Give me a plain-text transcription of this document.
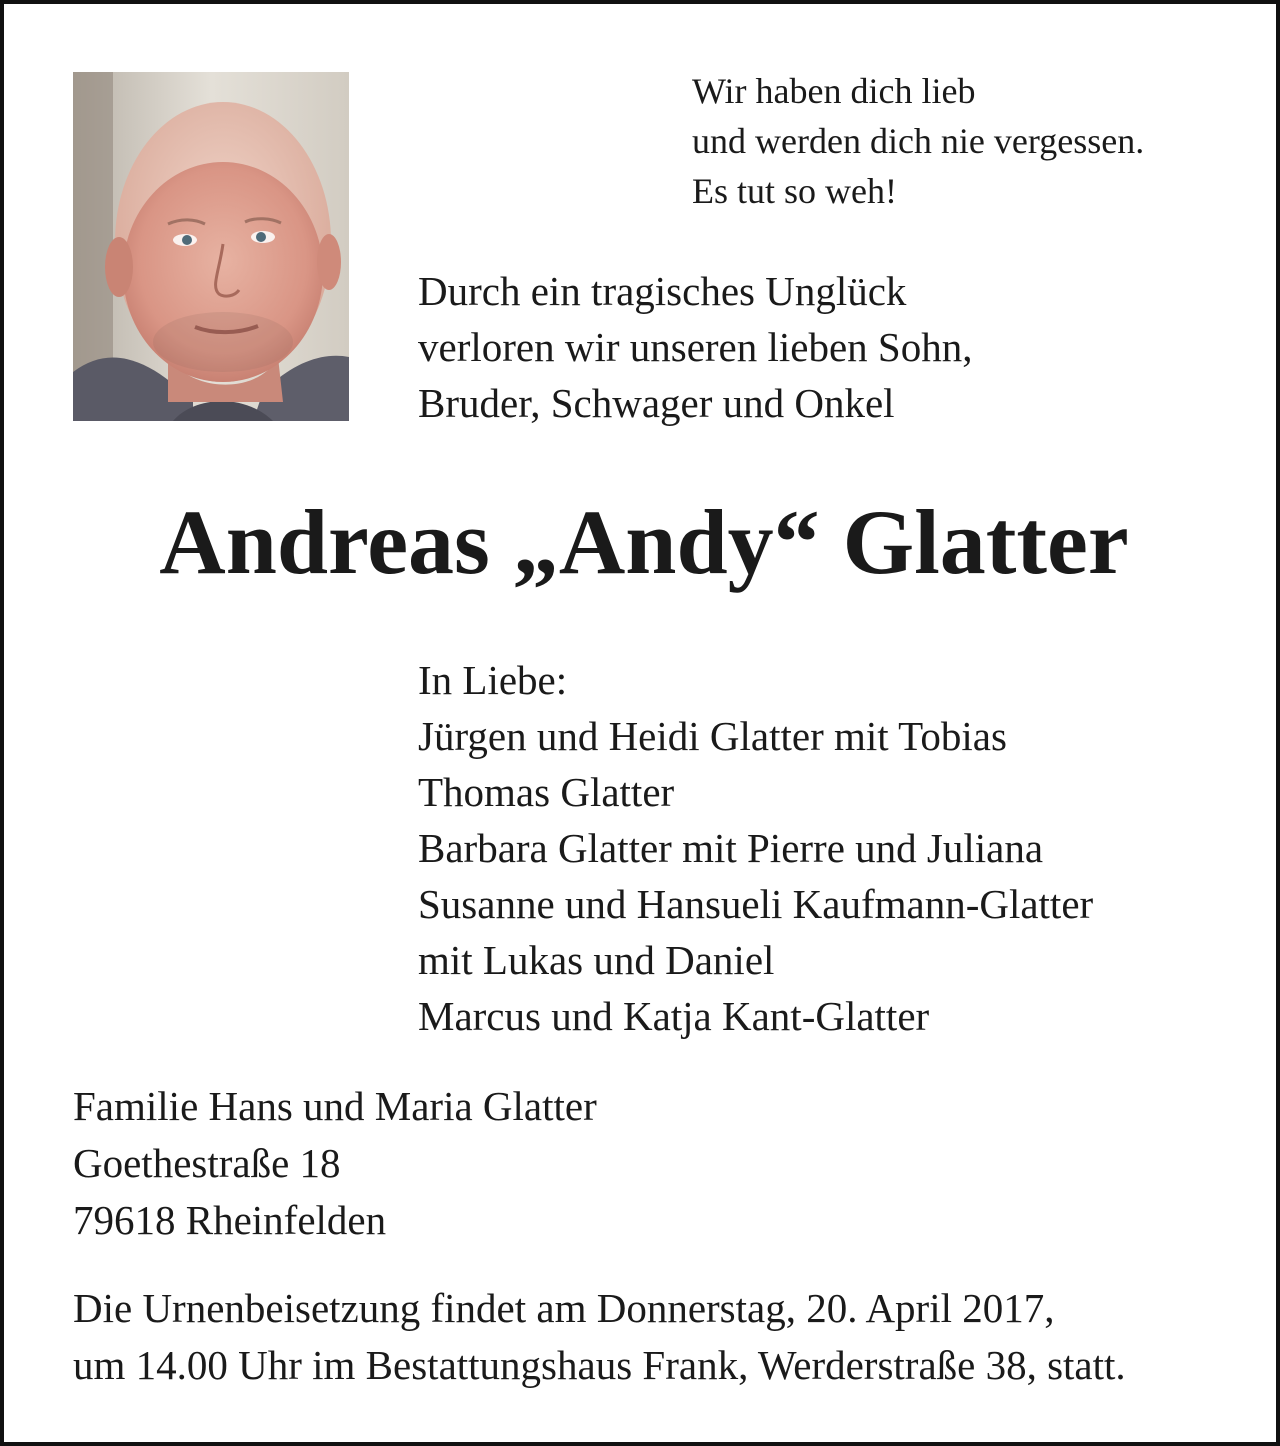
Wir haben dich lieb
und werden dich nie vergessen.
Es tut so weh!
Durch ein tragisches Unglück
verloren wir unseren lieben Sohn,
Bruder, Schwager und Onkel
Andreas „Andy“ Glatter
In Liebe:
Jürgen und Heidi Glatter mit Tobias
Thomas Glatter
Barbara Glatter mit Pierre und Juliana
Susanne und Hansueli Kaufmann-Glatter
mit Lukas und Daniel
Marcus und Katja Kant-Glatter
Familie Hans und Maria Glatter
Goethestraße 18
79618 Rheinfelden
Die Urnenbeisetzung findet am Donnerstag, 20. April 2017,
um 14.00 Uhr im Bestattungshaus Frank, Werderstraße 38, statt.
